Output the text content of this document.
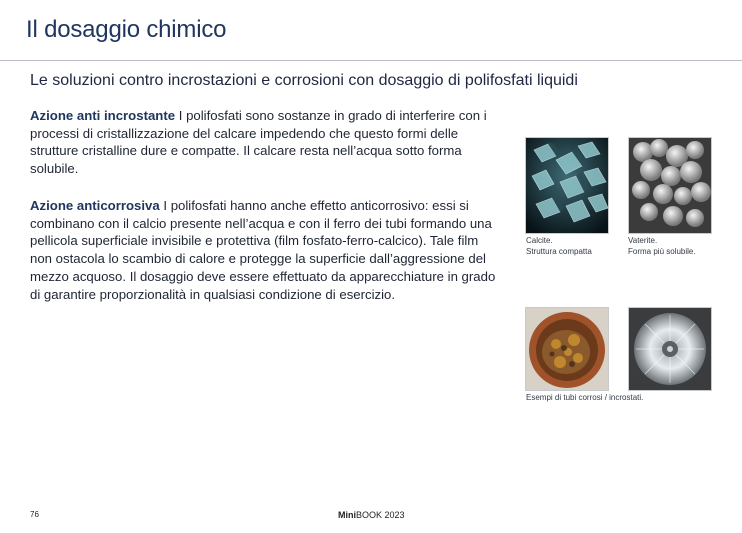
Il dosaggio chimico
Le soluzioni contro incrostazioni e corrosioni con dosaggio di polifosfati liquidi
Azione anti incrostante I polifosfati sono sostanze in grado di interferire con i processi di cristallizzazione del calcare impedendo che questo formi delle strutture cristalline dure e compatte. Il calcare resta nell’acqua sotto forma solubile.
Azione anticorrosiva I polifosfati hanno anche effetto anticorrosivo: essi si combinano con il calcio presente nell’acqua e con il ferro dei tubi formando una pellicola superficiale invisibile e protettiva (film fosfato-ferro-calcico). Tale film non ostacola lo scambio di calore e protegge la superficie dall’aggressione del mezzo acquoso. Il dosaggio deve essere effettuato da apparecchiature in grado di garantire proporzionalità in qualsiasi condizione di esercizio.
Calcite.
Struttura compatta
Vaterite.
Forma più solubile.
Esempi di tubi corrosi / incrostati.
76	MiniBOOK 2023
